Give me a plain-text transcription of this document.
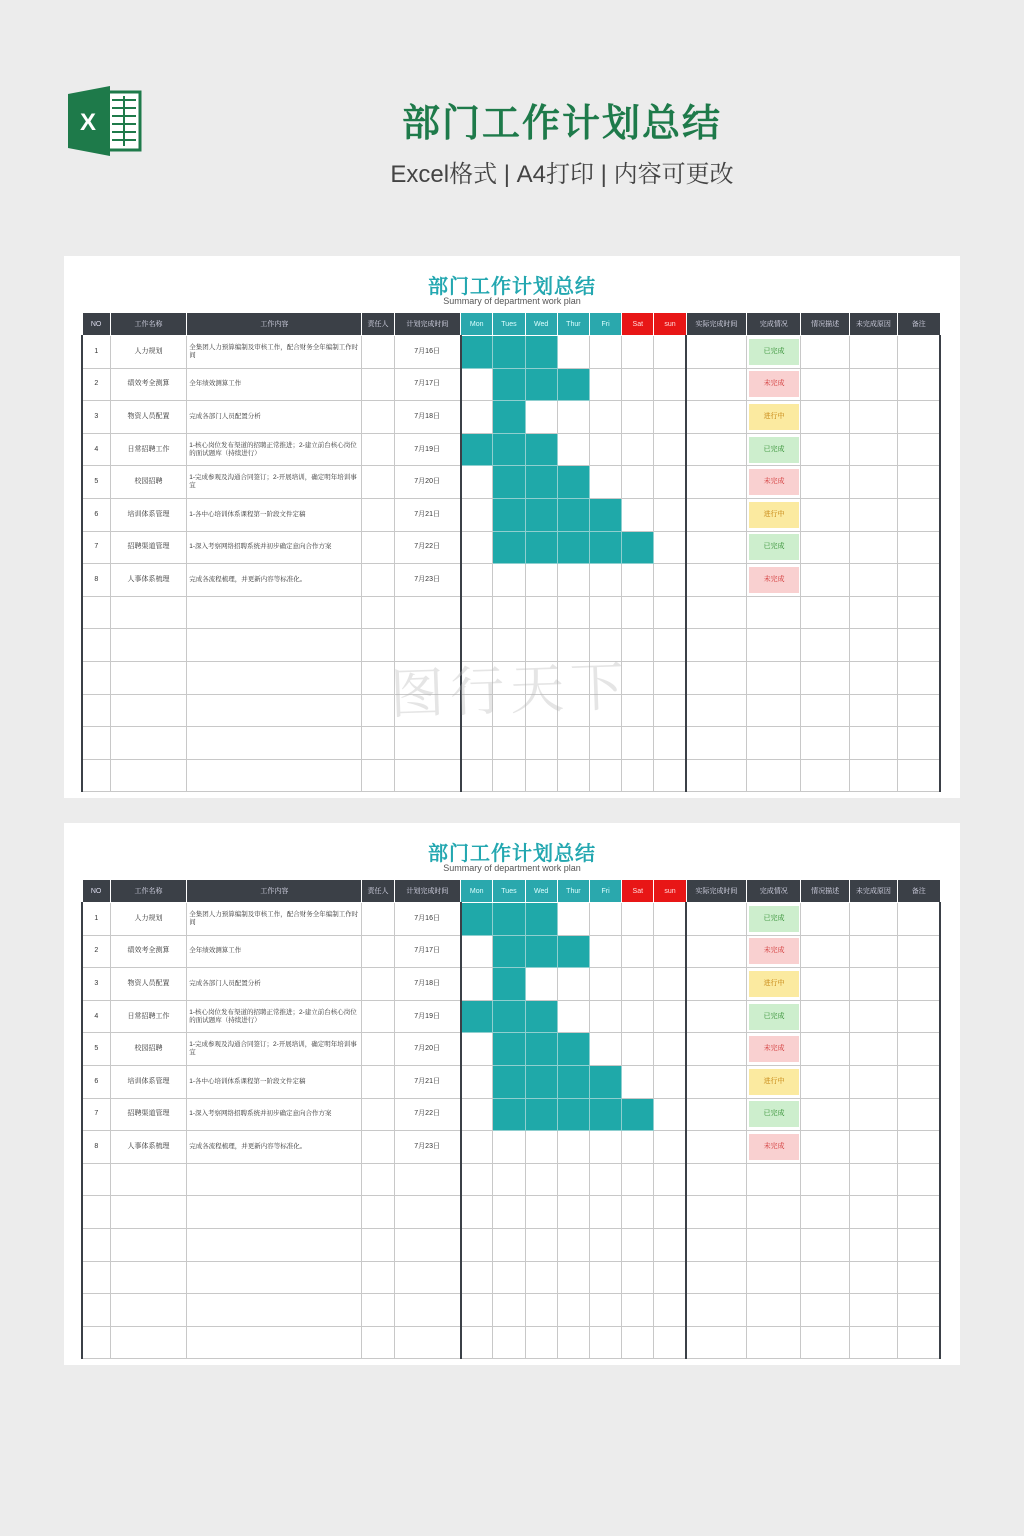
X	部门工作计划总结
Excel格式 | A4打印 | 内容可更改
部门工作计划总结
Summary of department work plan
NO	工作名称	工作内容	责任人	计划完成时间	Mon	Tues	Wed	Thur	Fri	Sat	sun	实际完成时间	完成情况	情况描述	未完成原因	备注
1	人力规划	全集团人力预算编制及审核工作，配合财务全年编制工作时间		7月16日									已完成			

2	绩效考全测算	全年绩效测算工作		7月17日									未完成			

3	物资人员配置	完成各部门人员配置分析		7月18日									进行中			

4	日常招聘工作	1-核心岗位发布渠道的招聘正常推进；2-建立前台核心岗位的面试题库（持续进行）		7月19日									已完成			

5	校园招聘	1-完成参观及沟通合同签订；2-开展培训，确定明年培训事宜		7月20日									未完成			

6	培训体系管理	1-各中心培训体系课程第一阶段文件定稿		7月21日									进行中			

7	招聘渠道管理	1-深入考察网络招聘系统并初步确定意向合作方案		7月22日									已完成			

8	人事体系梳理	完成各流程梳理，并更新内容等标准化。		7月23日									未完成			

部门工作计划总结
Summary of department work plan
NO	工作名称	工作内容	责任人	计划完成时间	Mon	Tues	Wed	Thur	Fri	Sat	sun	实际完成时间	完成情况	情况描述	未完成原因	备注
1	人力规划	全集团人力预算编制及审核工作，配合财务全年编制工作时间		7月16日									已完成			

2	绩效考全测算	全年绩效测算工作		7月17日									未完成			

3	物资人员配置	完成各部门人员配置分析		7月18日									进行中			

4	日常招聘工作	1-核心岗位发布渠道的招聘正常推进；2-建立前台核心岗位的面试题库（持续进行）		7月19日									已完成			

5	校园招聘	1-完成参观及沟通合同签订；2-开展培训，确定明年培训事宜		7月20日									未完成			

6	培训体系管理	1-各中心培训体系课程第一阶段文件定稿		7月21日									进行中			

7	招聘渠道管理	1-深入考察网络招聘系统并初步确定意向合作方案		7月22日									已完成			

8	人事体系梳理	完成各流程梳理，并更新内容等标准化。		7月23日									未完成			

图行天下
